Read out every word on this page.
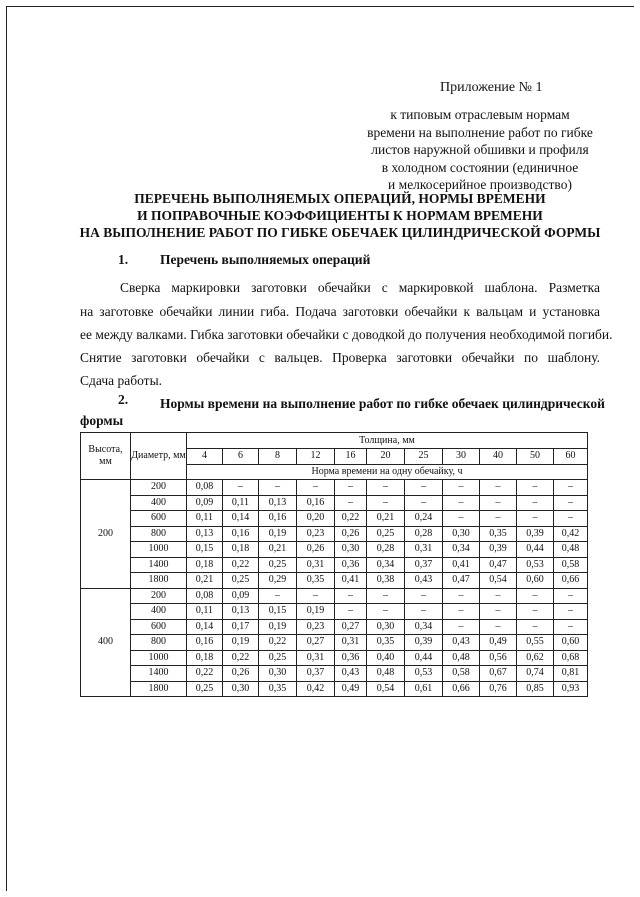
Приложение № 1
к типовым отраслевым нормам
времени на выполнение работ по гибке
листов наружной обшивки и профиля
в холодном состоянии (единичное
и мелкосерийное производство)
ПЕРЕЧЕНЬ ВЫПОЛНЯЕМЫХ ОПЕРАЦИЙ, НОРМЫ ВРЕМЕНИ
И ПОПРАВОЧНЫЕ КОЭФФИЦИЕНТЫ К НОРМАМ ВРЕМЕНИ
НА ВЫПОЛНЕНИЕ РАБОТ ПО ГИБКЕ ОБЕЧАЕК ЦИЛИНДРИЧЕСКОЙ ФОРМЫ
1. Перечень выполняемых операций
Сверка маркировки заготовки обечайки с маркировкой шаблона. Разметка
на заготовке обечайки линии гиба. Подача заготовки обечайки к вальцам и установка
ее между валками. Гибка заготовки обечайки с доводкой до получения необходимой погиби.
Снятие заготовки обечайки с вальцев. Проверка заготовки обечайки по шаблону.
Сдача работы.
2. Нормы времени на выполнение работ по гибке обечаек цилиндрической
формы
Высота, мм	Диаметр, мм	Толщина, мм										
		4	6	8	12	16	20	25	30	40	50	60
		Норма времени на одну обечайку, ч										
200	200	0,08	–	–	–	–	–	–	–	–	–	–
	400	0,09	0,11	0,13	0,16	–	–	–	–	–	–	–
	600	0,11	0,14	0,16	0,20	0,22	0,21	0,24	–	–	–	–
	800	0,13	0,16	0,19	0,23	0,26	0,25	0,28	0,30	0,35	0,39	0,42
	1000	0,15	0,18	0,21	0,26	0,30	0,28	0,31	0,34	0,39	0,44	0,48
	1400	0,18	0,22	0,25	0,31	0,36	0,34	0,37	0,41	0,47	0,53	0,58
	1800	0,21	0,25	0,29	0,35	0,41	0,38	0,43	0,47	0,54	0,60	0,66
400	200	0,08	0,09	–	–	–	–	–	–	–	–	–
	400	0,11	0,13	0,15	0,19	–	–	–	–	–	–	–
	600	0,14	0,17	0,19	0,23	0,27	0,30	0,34	–	–	–	–
	800	0,16	0,19	0,22	0,27	0,31	0,35	0,39	0,43	0,49	0,55	0,60
	1000	0,18	0,22	0,25	0,31	0,36	0,40	0,44	0,48	0,56	0,62	0,68
	1400	0,22	0,26	0,30	0,37	0,43	0,48	0,53	0,58	0,67	0,74	0,81
	1800	0,25	0,30	0,35	0,42	0,49	0,54	0,61	0,66	0,76	0,85	0,93
